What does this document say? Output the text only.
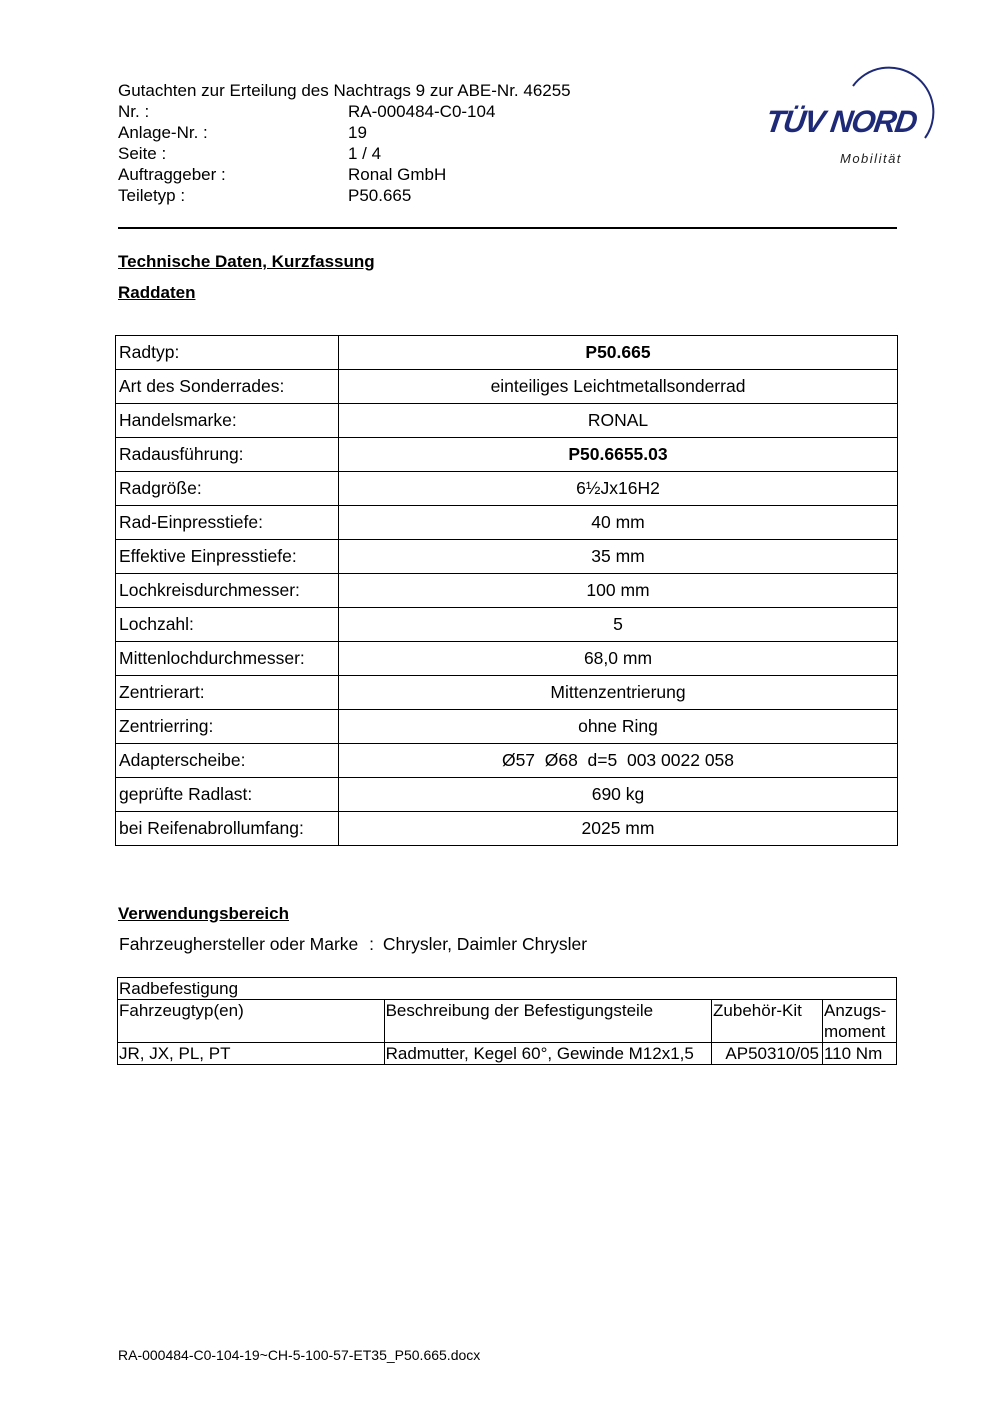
Gutachten zur Erteilung des Nachtrags 9 zur ABE-Nr. 46255
Nr. :	RA-000484-C0-104
Anlage-Nr. :	19
Seite :	1 / 4
Auftraggeber :	Ronal GmbH
Teiletyp :	P50.665
TÜV NORD
Mobilität
Technische Daten, Kurzfassung
Raddaten
Radtyp:	P50.665
Art des Sonderrades:	einteiliges Leichtmetallsonderrad
Handelsmarke:	RONAL
Radausführung:	P50.6655.03
Radgröße:	6½Jx16H2
Rad-Einpresstiefe:	40 mm
Effektive Einpresstiefe:	35 mm
Lochkreisdurchmesser:	100 mm
Lochzahl:	5
Mittenlochdurchmesser:	68,0 mm
Zentrierart:	Mittenzentrierung
Zentrierring:	ohne Ring
Adapterscheibe:	Ø57  Ø68  d=5  003 0022 058
geprüfte Radlast:	690 kg
bei Reifenabrollumfang:	2025 mm
Verwendungsbereich
Fahrzeughersteller oder Marke : Chrysler, Daimler Chrysler
Radbefestigung			
Fahrzeugtyp(en)	Beschreibung der Befestigungsteile	Zubehör-Kit	Anzugs-
moment
JR, JX, PL, PT	Radmutter, Kegel 60°, Gewinde M12x1,5	AP50310/05	110 Nm
RA-000484-C0-104-19~CH-5-100-57-ET35_P50.665.docx
